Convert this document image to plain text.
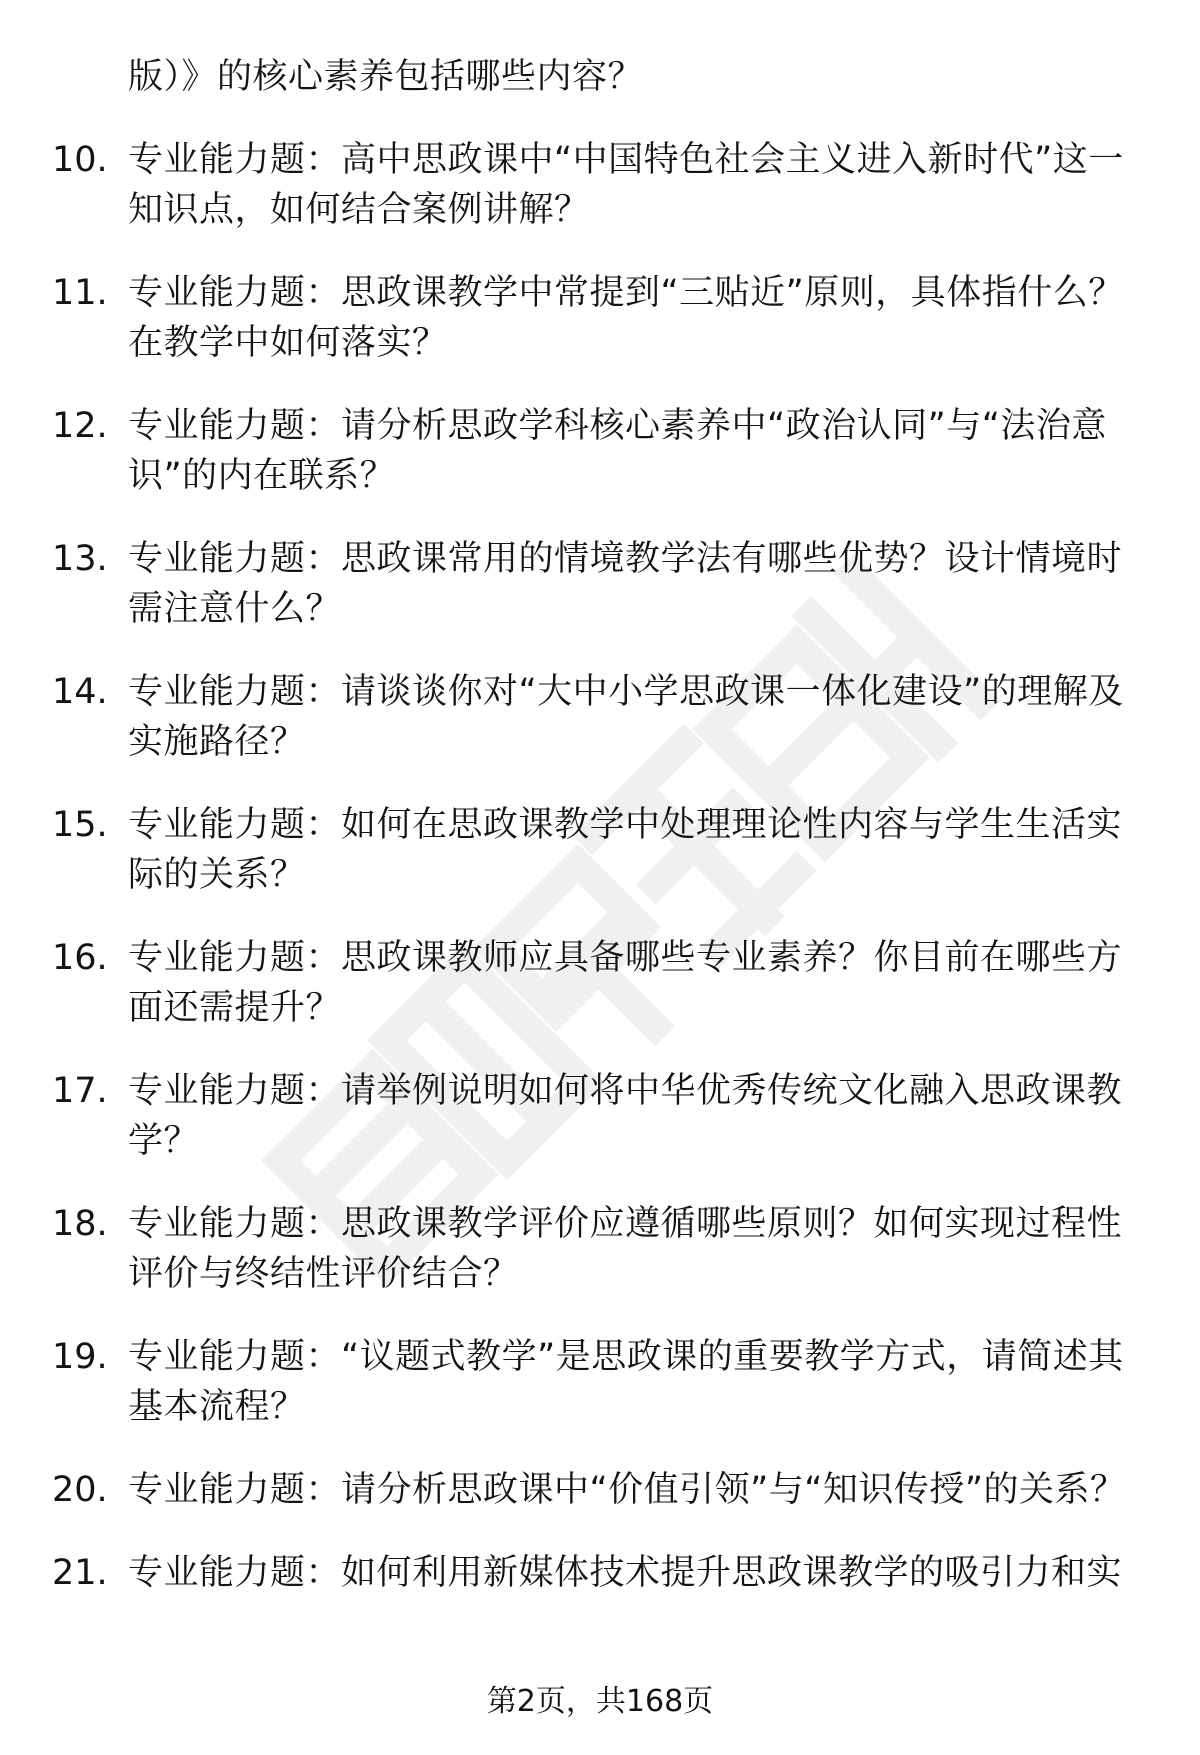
版）》的核心素养包括哪些内容？
10. 专业能力题：高中思政课中“中国特色社会主义进入新时代”这一知识点，如何结合案例讲解？
11. 专业能力题：思政课教学中常提到“三贴近”原则，具体指什么？在教学中如何落实？
12. 专业能力题：请分析思政学科核心素养中“政治认同”与“法治意识”的内在联系？
13. 专业能力题：思政课常用的情境教学法有哪些优势？设计情境时需注意什么？
14. 专业能力题：请谈谈你对“大中小学思政课一体化建设”的理解及实施路径？
15. 专业能力题：如何在思政课教学中处理理论性内容与学生生活实际的关系？
16. 专业能力题：思政课教师应具备哪些专业素养？你目前在哪些方面还需提升？
17. 专业能力题：请举例说明如何将中华优秀传统文化融入思政课教学？
18. 专业能力题：思政课教学评价应遵循哪些原则？如何实现过程性评价与终结性评价结合？
19. 专业能力题：“议题式教学”是思政课的重要教学方式，请简述其基本流程？
20. 专业能力题：请分析思政课中“价值引领”与“知识传授”的关系？
21. 专业能力题：如何利用新媒体技术提升思政课教学的吸引力和实
第2页，共168页
